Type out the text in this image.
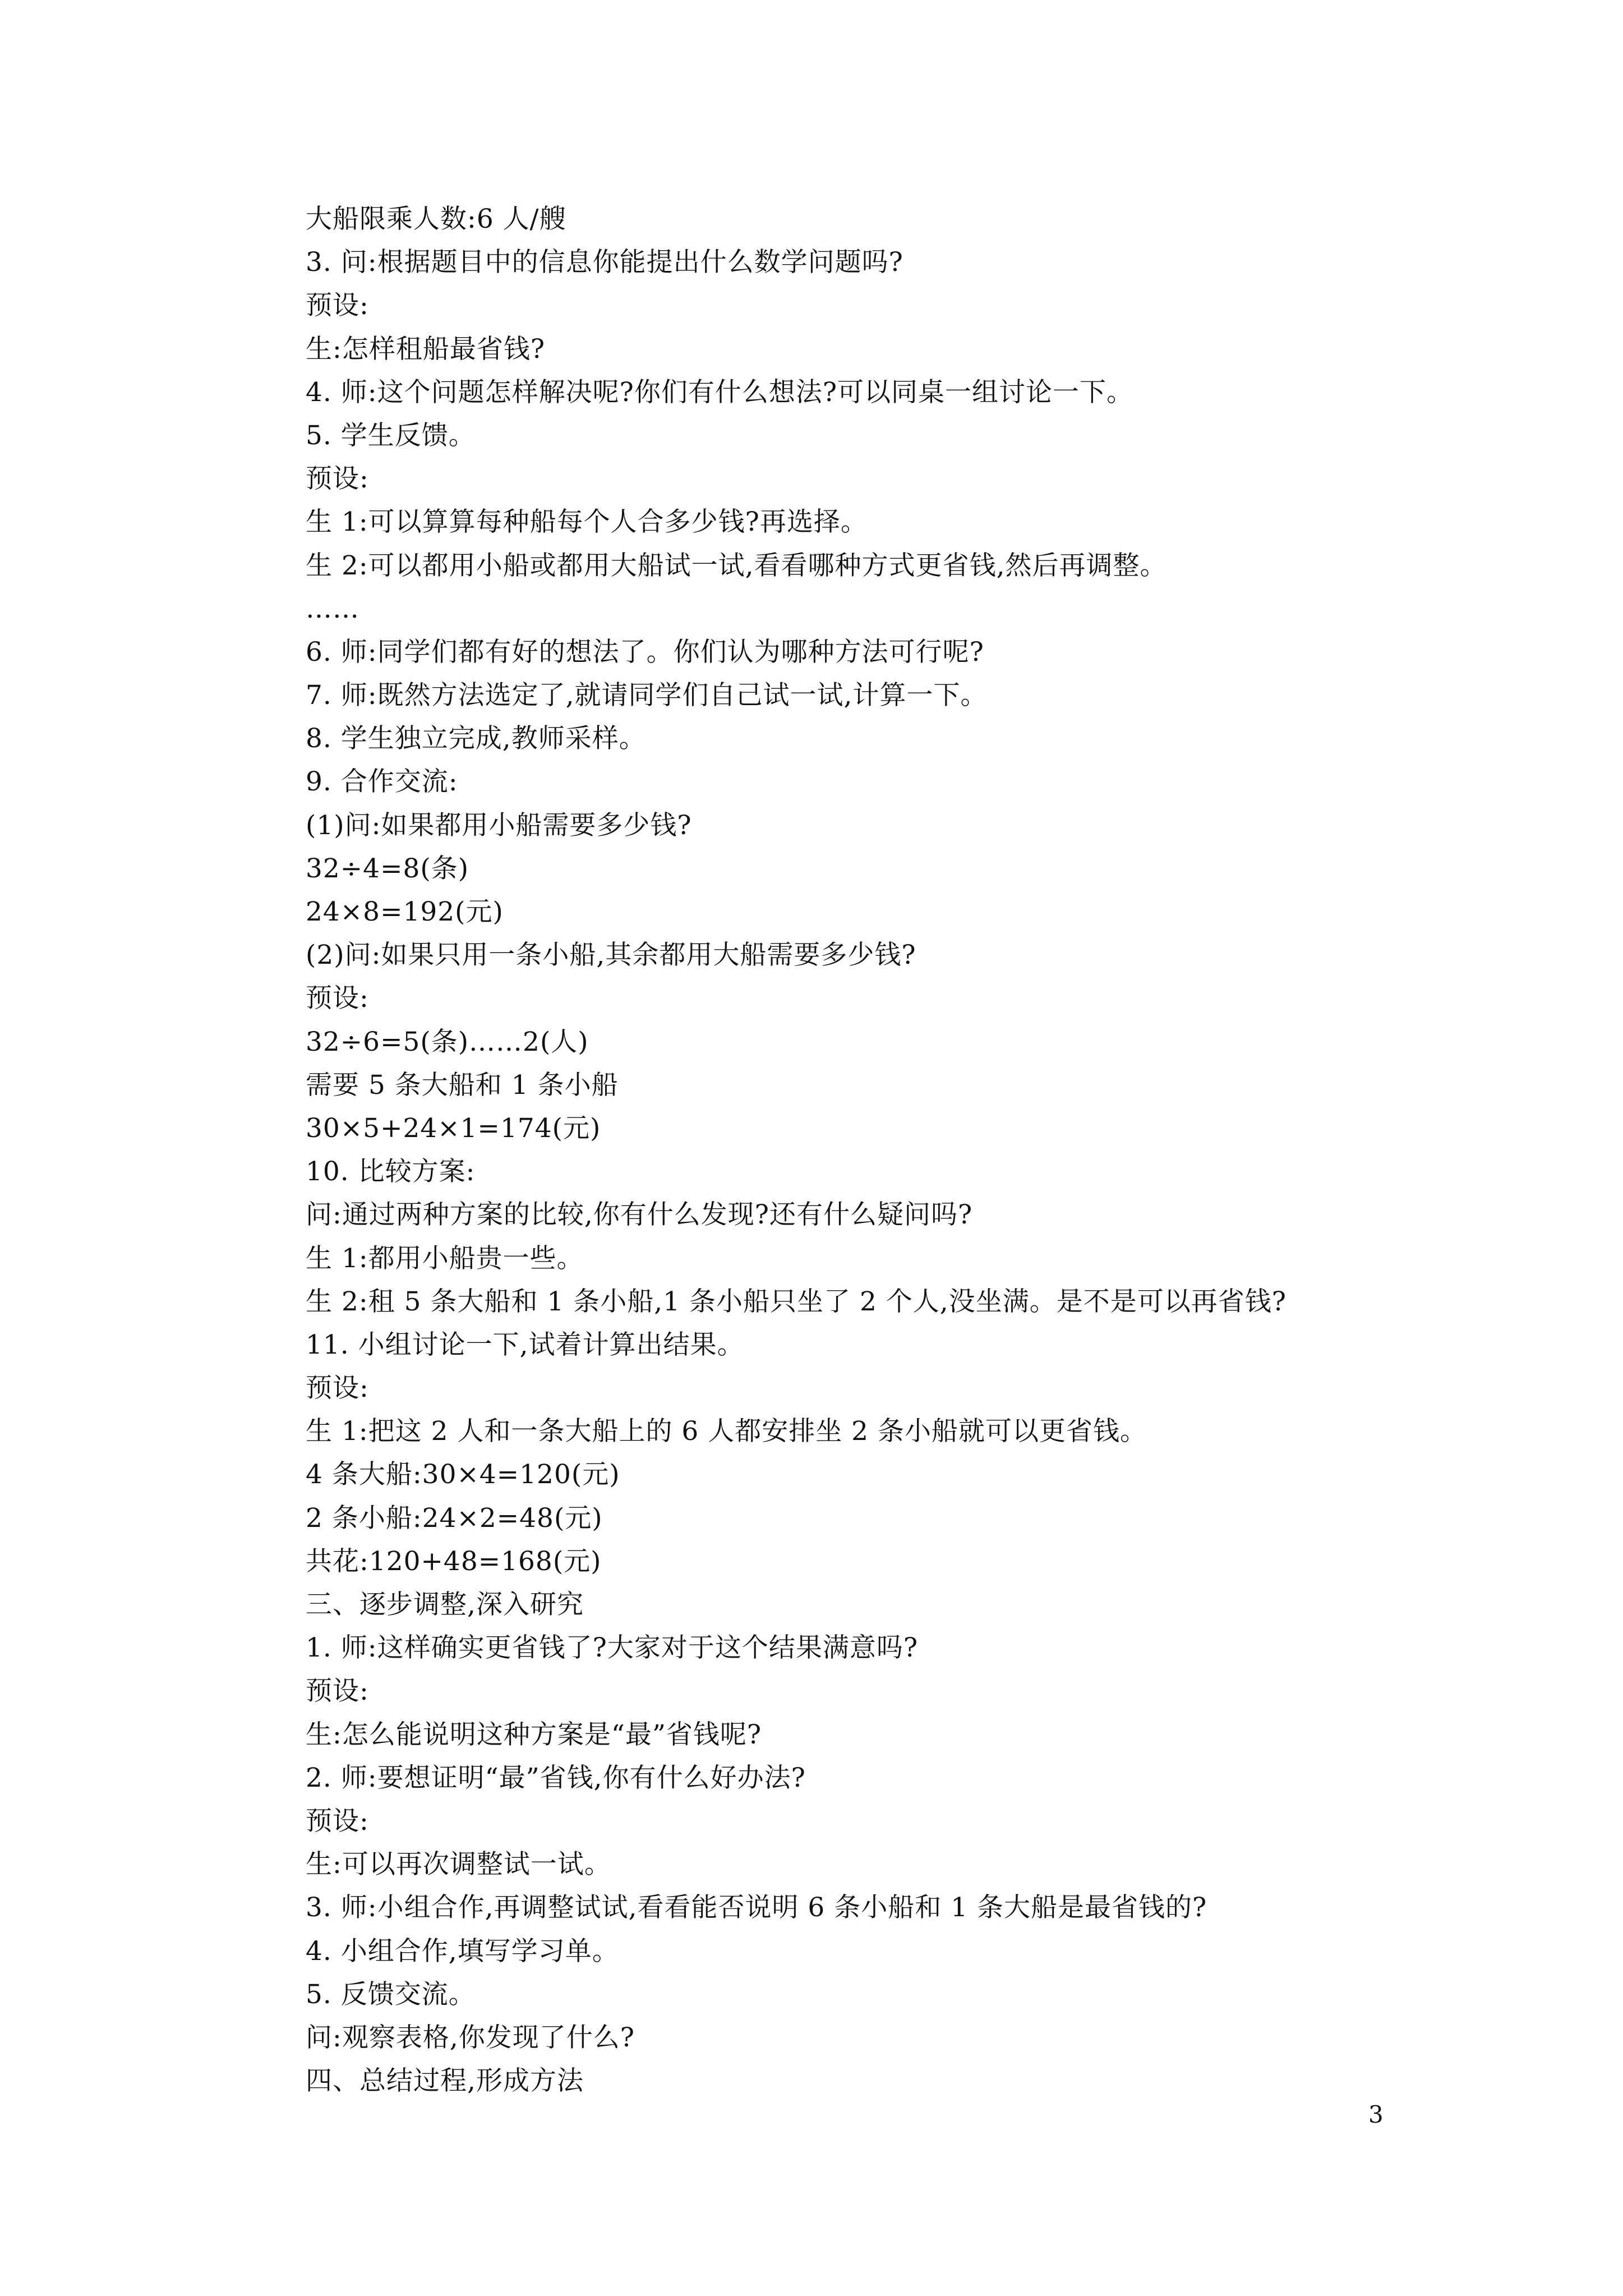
大船限乘人数:6 人/艘
3. 问:根据题目中的信息你能提出什么数学问题吗?
预设:
生:怎样租船最省钱?
4. 师:这个问题怎样解决呢?你们有什么想法?可以同桌一组讨论一下。
5. 学生反馈。
预设:
生 1:可以算算每种船每个人合多少钱?再选择。
生 2:可以都用小船或都用大船试一试,看看哪种方式更省钱,然后再调整。
……
6. 师:同学们都有好的想法了。你们认为哪种方法可行呢?
7. 师:既然方法选定了,就请同学们自己试一试,计算一下。
8. 学生独立完成,教师采样。
9. 合作交流:
(1)问:如果都用小船需要多少钱?
32÷4=8(条)
24×8=192(元)
(2)问:如果只用一条小船,其余都用大船需要多少钱?
预设:
32÷6=5(条)……2(人)
需要 5 条大船和 1 条小船
30×5+24×1=174(元)
10. 比较方案:
问:通过两种方案的比较,你有什么发现?还有什么疑问吗?
生 1:都用小船贵一些。
生 2:租 5 条大船和 1 条小船,1 条小船只坐了 2 个人,没坐满。是不是可以再省钱?
11. 小组讨论一下,试着计算出结果。
预设:
生 1:把这 2 人和一条大船上的 6 人都安排坐 2 条小船就可以更省钱。
4 条大船:30×4=120(元)
2 条小船:24×2=48(元)
共花:120+48=168(元)
三、逐步调整,深入研究
1. 师:这样确实更省钱了?大家对于这个结果满意吗?
预设:
生:怎么能说明这种方案是“最”省钱呢?
2. 师:要想证明“最”省钱,你有什么好办法?
预设:
生:可以再次调整试一试。
3. 师:小组合作,再调整试试,看看能否说明 6 条小船和 1 条大船是最省钱的?
4. 小组合作,填写学习单。
5. 反馈交流。
问:观察表格,你发现了什么?
四、总结过程,形成方法
3
